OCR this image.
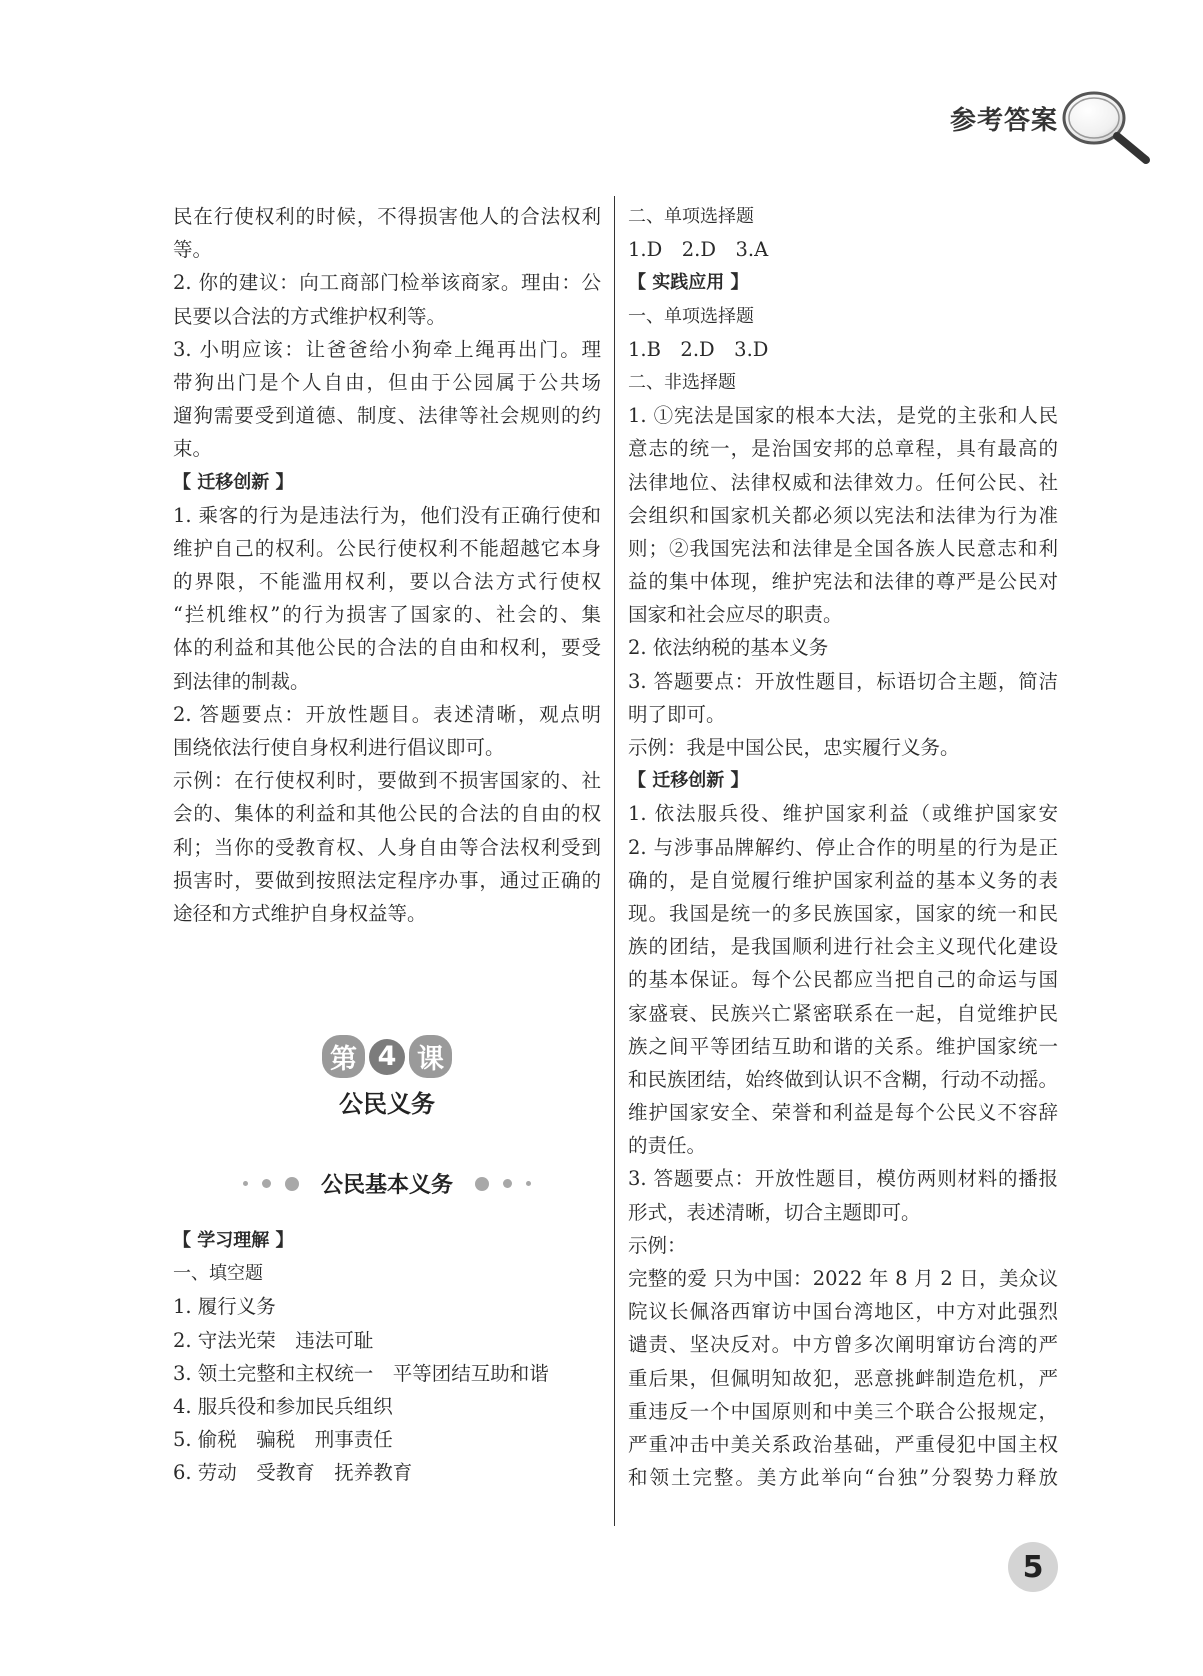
参考答案
民在行使权利的时候，不得损害他人的合法权利
等。
2. 你的建议：向工商部门检举该商家。理由：公
民要以合法的方式维护权利等。
3. 小明应该：让爸爸给小狗牵上绳再出门。理
带狗出门是个人自由，但由于公园属于公共场
遛狗需要受到道德、制度、法律等社会规则的约
束。
【 迁移创新 】
1. 乘客的行为是违法行为，他们没有正确行使和
维护自己的权利。公民行使权利不能超越它本身
的界限，不能滥用权利，要以合法方式行使权
“拦机维权”的行为损害了国家的、社会的、集
体的利益和其他公民的合法的自由和权利，要受
到法律的制裁。
2. 答题要点：开放性题目。表述清晰，观点明
围绕依法行使自身权利进行倡议即可。
示例：在行使权利时，要做到不损害国家的、社
会的、集体的利益和其他公民的合法的自由的权
利；当你的受教育权、人身自由等合法权利受到
损害时，要做到按照法定程序办事，通过正确的
途径和方式维护自身权益等。
第 4 课
公民义务
公民基本义务
【 学习理解 】
一、填空题
1. 履行义务
2. 守法光荣　违法可耻
3. 领土完整和主权统一　平等团结互助和谐
4. 服兵役和参加民兵组织
5. 偷税　骗税　刑事责任
6. 劳动　受教育　抚养教育
二、单项选择题
1.D　2.D　3.A
【 实践应用 】
一、单项选择题
1.B　2.D　3.D
二、非选择题
1. ①宪法是国家的根本大法，是党的主张和人民
意志的统一，是治国安邦的总章程，具有最高的
法律地位、法律权威和法律效力。任何公民、社
会组织和国家机关都必须以宪法和法律为行为准
则；②我国宪法和法律是全国各族人民意志和利
益的集中体现，维护宪法和法律的尊严是公民对
国家和社会应尽的职责。
2. 依法纳税的基本义务
3. 答题要点：开放性题目，标语切合主题，简洁
明了即可。
示例：我是中国公民，忠实履行义务。
【 迁移创新 】
1. 依法服兵役、维护国家利益（或维护国家安
2. 与涉事品牌解约、停止合作的明星的行为是正
确的，是自觉履行维护国家利益的基本义务的表
现。我国是统一的多民族国家，国家的统一和民
族的团结，是我国顺利进行社会主义现代化建设
的基本保证。每个公民都应当把自己的命运与国
家盛衰、民族兴亡紧密联系在一起，自觉维护民
族之间平等团结互助和谐的关系。维护国家统一
和民族团结，始终做到认识不含糊，行动不动摇。
维护国家安全、荣誉和利益是每个公民义不容辞
的责任。
3. 答题要点：开放性题目，模仿两则材料的播报
形式，表述清晰，切合主题即可。
示例：
完整的爱 只为中国：2022 年 8 月 2 日，美众议
院议长佩洛西窜访中国台湾地区，中方对此强烈
谴责、坚决反对。中方曾多次阐明窜访台湾的严
重后果，但佩明知故犯，恶意挑衅制造危机，严
重违反一个中国原则和中美三个联合公报规定，
严重冲击中美关系政治基础，严重侵犯中国主权
和领土完整。美方此举向“台独”分裂势力释放
5
